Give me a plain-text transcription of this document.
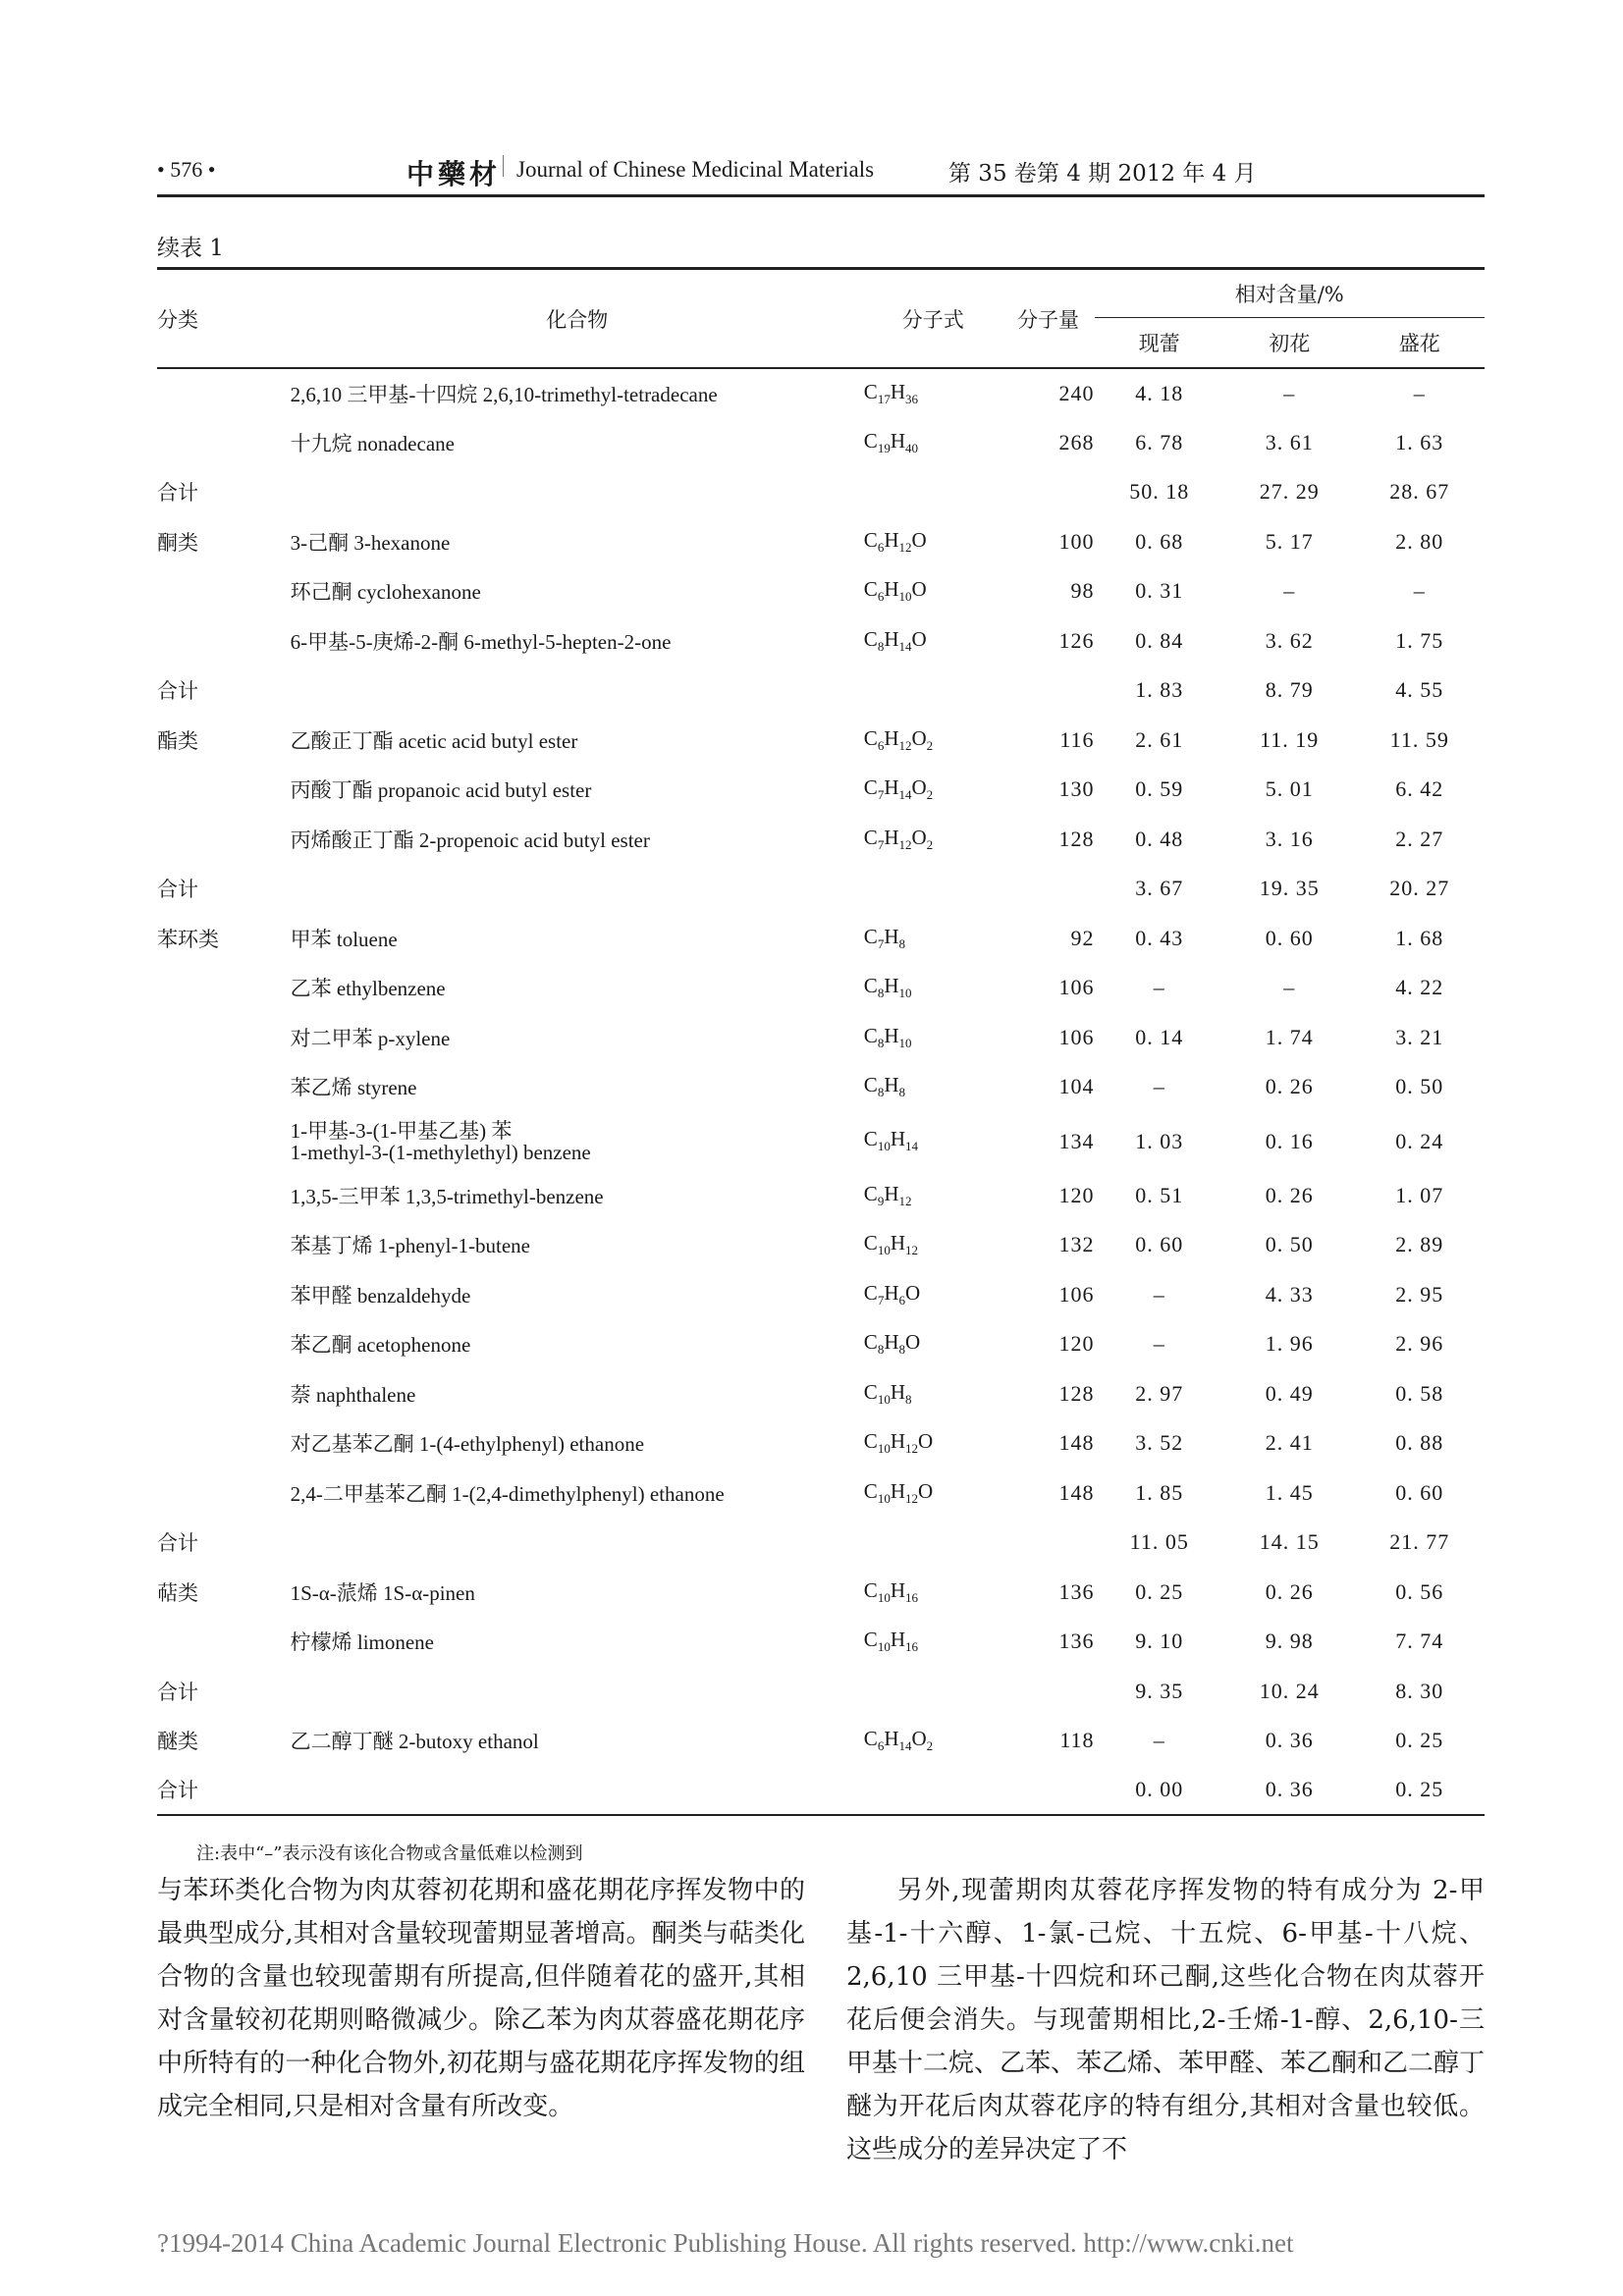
• 576 •	中藥材 Journal of Chinese Medicinal Materials	第 35 卷第 4 期 2012 年 4 月
续表 1
分类	化合物	分子式	分子量	相对含量/%		
				现蕾	初花	盛花
	2,6,10 三甲基-十四烷 2,6,10-trimethyl-tetradecane	$C_{17}H_{36}$	240	4. 18	–	–
	十九烷 nonadecane	$C_{19}H_{40}$	268	6. 78	3. 61	1. 63
合计				50. 18	27. 29	28. 67
酮类	3-己酮 3-hexanone	$C_6H_{12}O$	100	0. 68	5. 17	2. 80
	环己酮 cyclohexanone	$C_6H_{10}O$	98	0. 31	–	–
	6-甲基-5-庚烯-2-酮 6-methyl-5-hepten-2-one	$C_8H_{14}O$	126	0. 84	3. 62	1. 75
合计				1. 83	8. 79	4. 55
酯类	乙酸正丁酯 acetic acid butyl ester	$C_6H_{12}O_2$	116	2. 61	11. 19	11. 59
	丙酸丁酯 propanoic acid butyl ester	$C_7H_{14}O_2$	130	0. 59	5. 01	6. 42
	丙烯酸正丁酯 2-propenoic acid butyl ester	$C_7H_{12}O_2$	128	0. 48	3. 16	2. 27
合计				3. 67	19. 35	20. 27
苯环类	甲苯 toluene	$C_7H_8$	92	0. 43	0. 60	1. 68
	乙苯 ethylbenzene	$C_8H_{10}$	106	–	–	4. 22
	对二甲苯 p-xylene	$C_8H_{10}$	106	0. 14	1. 74	3. 21
	苯乙烯 styrene	$C_8H_8$	104	–	0. 26	0. 50

	1-甲基-3-(1-甲基乙基) 苯
1-methyl-3-(1-methylethyl) benzene	$C_{10}H_{14}$	134	1. 03	0. 16	0. 24
	1,3,5-三甲苯 1,3,5-trimethyl-benzene	$C_9H_{12}$	120	0. 51	0. 26	1. 07
	苯基丁烯 1-phenyl-1-butene	$C_{10}H_{12}$	132	0. 60	0. 50	2. 89
	苯甲醛 benzaldehyde	$C_7H_6O$	106	–	4. 33	2. 95
	苯乙酮 acetophenone	$C_8H_8O$	120	–	1. 96	2. 96
	萘 naphthalene	$C_{10}H_8$	128	2. 97	0. 49	0. 58
	对乙基苯乙酮 1-(4-ethylphenyl) ethanone	$C_{10}H_{12}O$	148	3. 52	2. 41	0. 88
	2,4-二甲基苯乙酮 1-(2,4-dimethylphenyl) ethanone	$C_{10}H_{12}O$	148	1. 85	1. 45	0. 60
合计				11. 05	14. 15	21. 77
萜类	1S-α-蒎烯 1S-α-pinen	$C_{10}H_{16}$	136	0. 25	0. 26	0. 56
	柠檬烯 limonene	$C_{10}H_{16}$	136	9. 10	9. 98	7. 74
合计				9. 35	10. 24	8. 30
醚类	乙二醇丁醚 2-butoxy ethanol	$C_6H_{14}O_2$	118	–	0. 36	0. 25
合计				0. 00	0. 36	0. 25
注:表中“–”表示没有该化合物或含量低难以检测到
与苯环类化合物为肉苁蓉初花期和盛花期花序挥发物中的最典型成分,其相对含量较现蕾期显著增高。酮类与萜类化合物的含量也较现蕾期有所提高,但伴随着花的盛开,其相对含量较初花期则略微减少。除乙苯为肉苁蓉盛花期花序中所特有的一种化合物外,初花期与盛花期花序挥发物的组成完全相同,只是相对含量有所改变。
另外,现蕾期肉苁蓉花序挥发物的特有成分为 2-甲基-1-十六醇、1-氯-己烷、十五烷、6-甲基-十八烷、2,6,10 三甲基-十四烷和环己酮,这些化合物在肉苁蓉开花后便会消失。与现蕾期相比,2-壬烯-1-醇、2,6,10-三甲基十二烷、乙苯、苯乙烯、苯甲醛、苯乙酮和乙二醇丁醚为开花后肉苁蓉花序的特有组分,其相对含量也较低。这些成分的差异决定了不
?1994-2014 China Academic Journal Electronic Publishing House. All rights reserved. http://www.cnki.net
